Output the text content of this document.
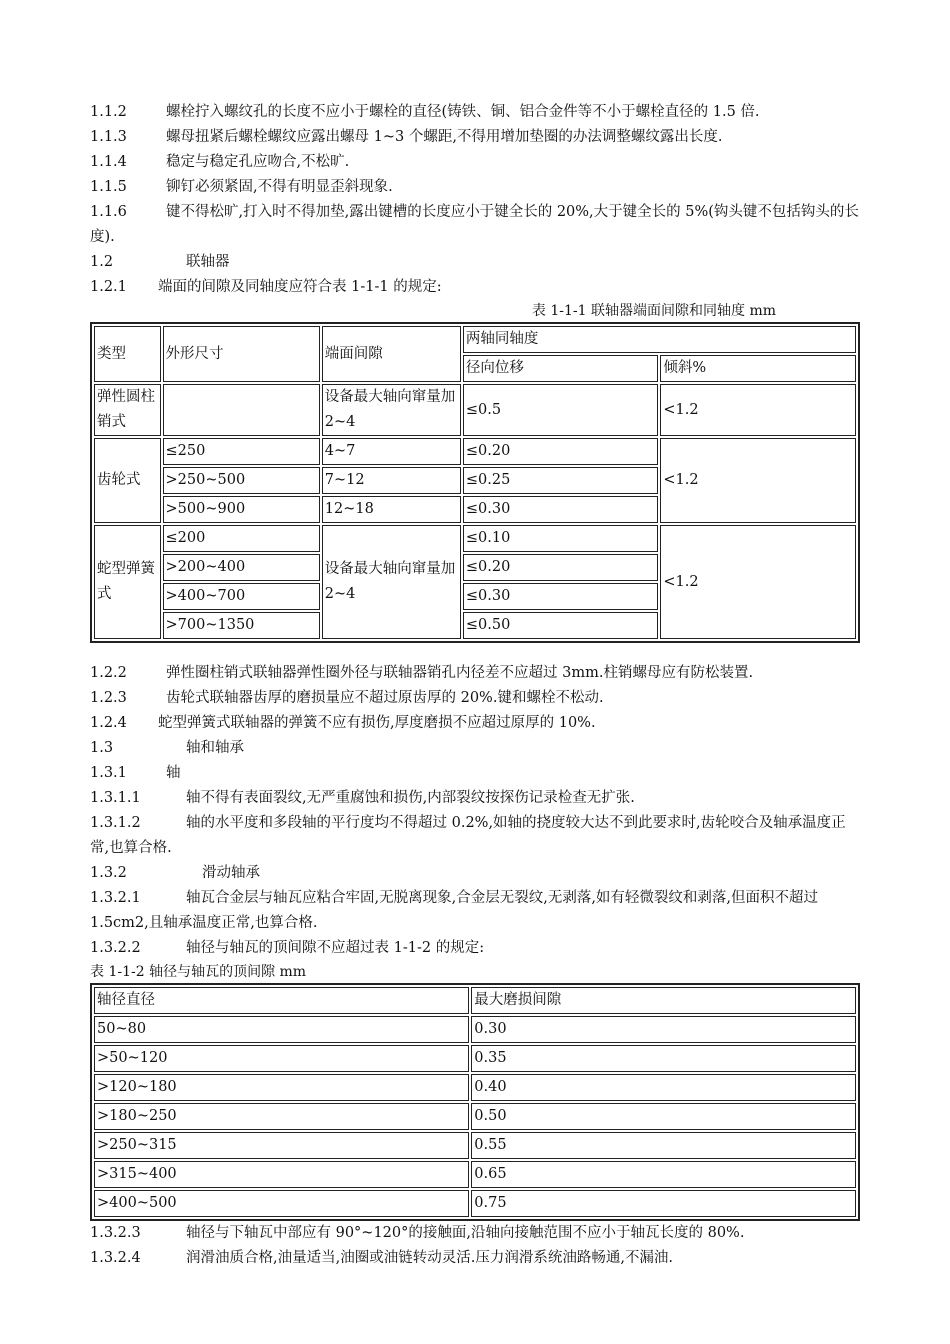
1.1.2	螺栓拧入螺纹孔的长度不应小于螺栓的直径(铸铁、铜、铝合金件等不小于螺栓直径的 1.5 倍.
1.1.3	螺母扭紧后螺栓螺纹应露出螺母 1~3 个螺距,不得用增加垫圈的办法调整螺纹露出长度.
1.1.4	稳定与稳定孔应吻合,不松旷.
1.1.5	铆钉必须紧固,不得有明显歪斜现象.
1.1.6	键不得松旷,打入时不得加垫,露出键槽的长度应小于键全长的 20%,大于键全长的 5%(钩头键不包括钩头的长度).
1.2	联轴器
1.2.1 端面的间隙及同轴度应符合表 1-1-1 的规定:
表 1-1-1 联轴器端面间隙和同轴度 mm
类型	外形尺寸	端面间隙	两轴同轴度	
			径向位移	倾斜%
弹性圆柱销式		设备最大轴向窜量加 2~4	≤0.5	<1.2
齿轮式	≤250	4~7	≤0.20	<1.2
	>250~500	7~12	≤0.25	
	>500~900	12~18	≤0.30	
蛇型弹簧式	≤200	设备最大轴向窜量加 2~4	≤0.10	<1.2
	>200~400		≤0.20	
	>400~700		≤0.30	
	>700~1350		≤0.50	
1.2.2	弹性圈柱销式联轴器弹性圈外径与联轴器销孔内径差不应超过 3mm.柱销螺母应有防松装置.
1.2.3	齿轮式联轴器齿厚的磨损量应不超过原齿厚的 20%.键和螺栓不松动.
1.2.4 蛇型弹簧式联轴器的弹簧不应有损伤,厚度磨损不应超过原厚的 10%.
1.3	轴和轴承
1.3.1	轴
1.3.1.1	轴不得有表面裂纹,无严重腐蚀和损伤,内部裂纹按探伤记录检查无扩张.
1.3.1.2	轴的水平度和多段轴的平行度均不得超过 0.2%,如轴的挠度较大达不到此要求时,齿轮咬合及轴承温度正常,也算合格.
1.3.2	滑动轴承
1.3.2.1	轴瓦合金层与轴瓦应粘合牢固,无脱离现象,合金层无裂纹,无剥落,如有轻微裂纹和剥落,但面积不超过 1.5cm2,且轴承温度正常,也算合格.
1.3.2.2	轴径与轴瓦的顶间隙不应超过表 1-1-2 的规定:
表 1-1-2 轴径与轴瓦的顶间隙 mm
轴径直径	最大磨损间隙
50~80	0.30
>50~120	0.35
>120~180	0.40
>180~250	0.50
>250~315	0.55
>315~400	0.65
>400~500	0.75
1.3.2.3	轴径与下轴瓦中部应有 90°~120°的接触面,沿轴向接触范围不应小于轴瓦长度的 80%.
1.3.2.4	润滑油质合格,油量适当,油圈或油链转动灵活.压力润滑系统油路畅通,不漏油.
